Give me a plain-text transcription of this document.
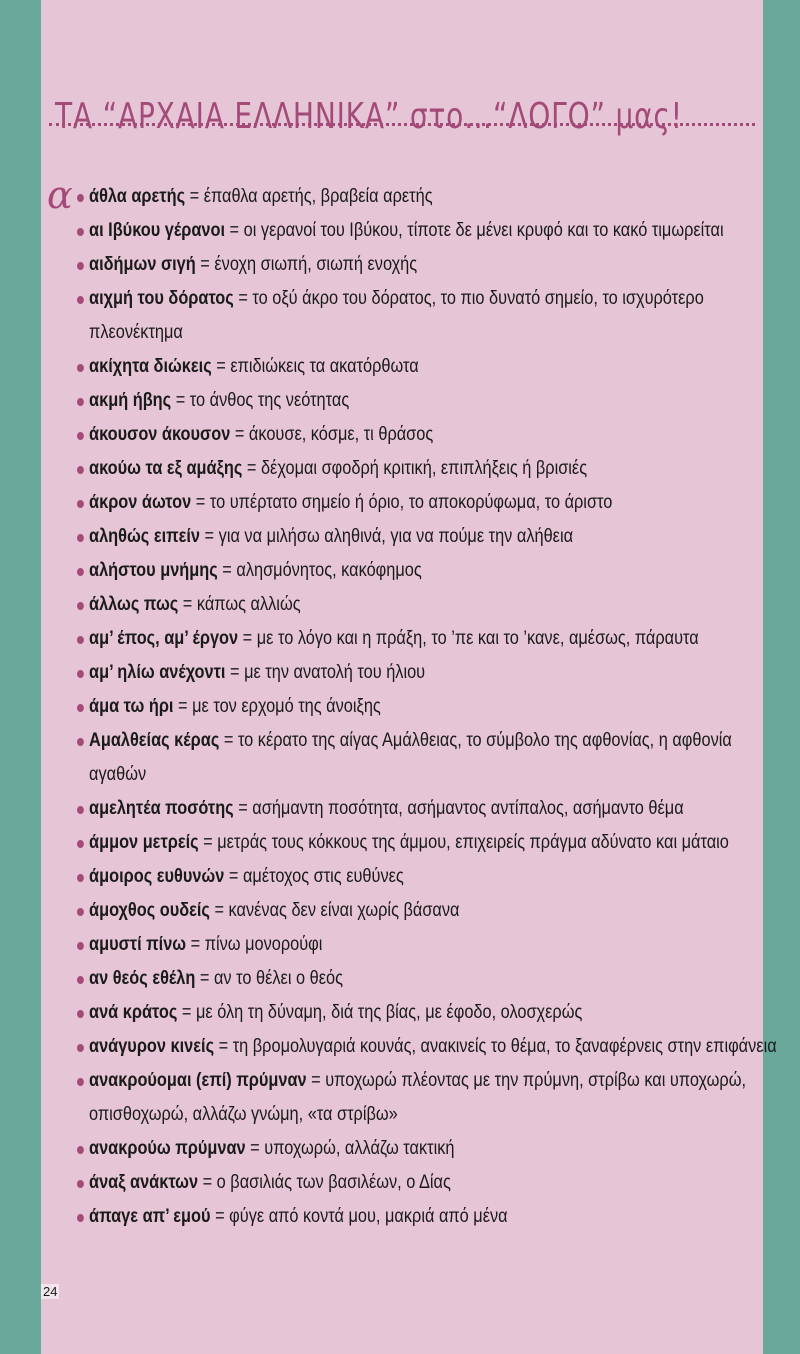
ΤΑ “ΑΡΧΑΙΑ ΕΛΛΗΝΙΚΑ” στο…“ΛΟΓΟ” μας!
α άθλα αρετής = έπαθλα αρετής, βραβεία αρετής
αι Ιβύκου γέρανοι = οι γερανοί του Ιβύκου, τίποτε δε μένει κρυφό και το κακό τιμωρείται
αιδήμων σιγή = ένοχη σιωπή, σιωπή ενοχής
αιχμή του δόρατος = το οξύ άκρο του δόρατος, το πιο δυνατό σημείο, το ισχυρότερο πλεονέκτημα
ακίχητα διώκεις = επιδιώκεις τα ακατόρθωτα
ακμή ήβης = το άνθος της νεότητας
άκουσον άκουσον = άκουσε, κόσμε, τι θράσος
ακούω τα εξ αμάξης = δέχομαι σφοδρή κριτική, επιπλήξεις ή βρισιές
άκρον άωτον = το υπέρτατο σημείο ή όριο, το αποκορύφωμα, το άριστο
αληθώς ειπείν = για να μιλήσω αληθινά, για να πούμε την αλήθεια
αλήστου μνήμης = αλησμόνητος, κακόφημος
άλλως πως = κάπως αλλιώς
αμ’ έπος, αμ’ έργον = με το λόγο και η πράξη, το ’πε και το ’κανε, αμέσως, πάραυτα
αμ’ ηλίω ανέχοντι = με την ανατολή του ήλιου
άμα τω ήρι = με τον ερχομό της άνοιξης
Αμαλθείας κέρας = το κέρατο της αίγας Αμάλθειας, το σύμβολο της αφθονίας, η αφθονία αγαθών
αμελητέα ποσότης = ασήμαντη ποσότητα, ασήμαντος αντίπαλος, ασήμαντο θέμα
άμμον μετρείς = μετράς τους κόκκους της άμμου, επιχειρείς πράγμα αδύνατο και μάταιο
άμοιρος ευθυνών = αμέτοχος στις ευθύνες
άμοχθος ουδείς = κανένας δεν είναι χωρίς βάσανα
αμυστί πίνω = πίνω μονορούφι
αν θεός εθέλη = αν το θέλει ο θεός
ανά κράτος = με όλη τη δύναμη, διά της βίας, με έφοδο, ολοσχερώς
ανάγυρον κινείς = τη βρομολυγαριά κουνάς, ανακινείς το θέμα, το ξαναφέρνεις στην επιφάνεια
ανακρούομαι (επί) πρύμναν = υποχωρώ πλέοντας με την πρύμνη, στρίβω και υποχωρώ, οπισθοχωρώ, αλλάζω γνώμη, «τα στρίβω»
ανακρούω πρύμναν = υποχωρώ, αλλάζω τακτική
άναξ ανάκτων = ο βασιλιάς των βασιλέων, ο Δίας
άπαγε απ’ εμού = φύγε από κοντά μου, μακριά από μένα
24
